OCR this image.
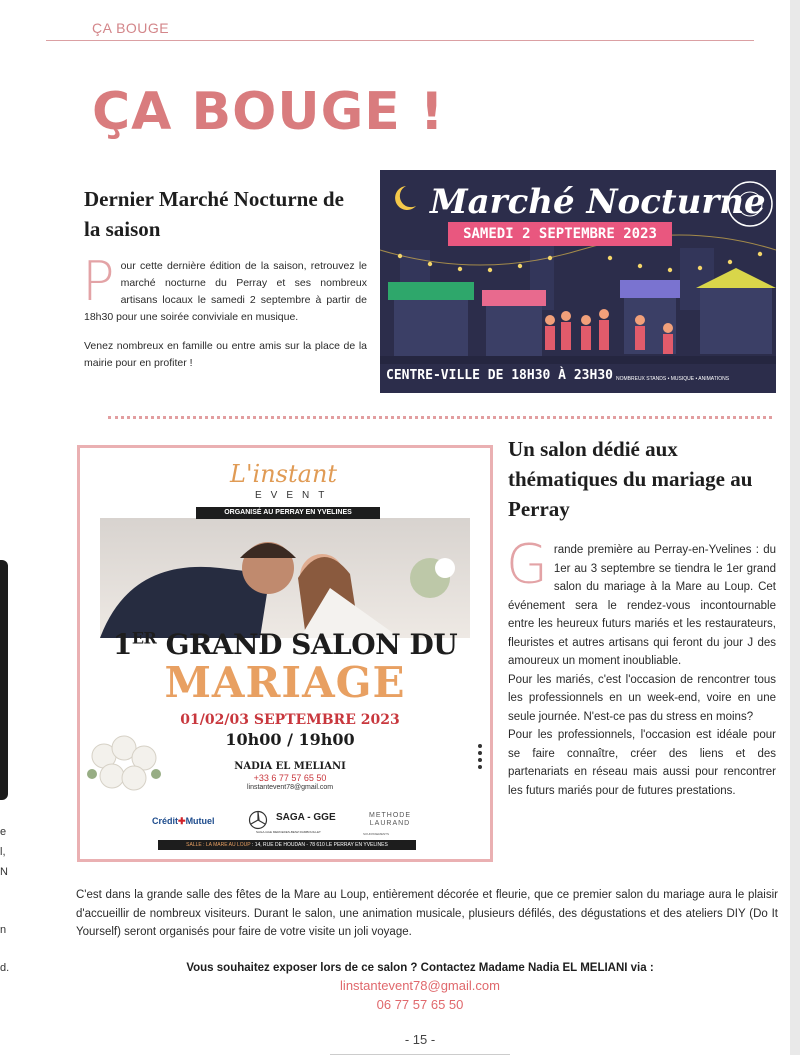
e
l,
N
n
d.
ÇA BOUGE
ÇA BOUGE !
Dernier Marché Nocturne de la saison

Pour cette dernière édition de la saison, retrouvez le marché nocturne du Perray et ses nombreux artisans locaux le samedi 2 septembre à partir de 18h30 pour une soirée conviviale en musique.

Venez nombreux en famille ou entre amis sur la place de la mairie pour en profiter !

Marché Nocturne
SAMEDI 2 SEPTEMBRE 2023
CENTRE-VILLE DE 18H30 À 23H30 NOMBREUX STANDS • MUSIQUE • ANIMATIONS
L'instant
EVENT
ORGANISÉ AU PERRAY EN YVELINES
1ER GRAND SALON DU
MARIAGE
01/02/03 SEPTEMBRE 2023
10h00 / 19h00
NADIA EL MELIANI
+33 6 77 57 65 50
linstantevent78@gmail.com
Crédit✚Mutuel	SAGA - GGE
SAGA-GGE MERCEDES-BENZ RAMBOUILLET
METHODE LAURAND
SOUDISSEMENTS
SALLE : LA MARE AU LOUP : 14, RUE DE HOUDAN - 78 610 LE PERRAY EN YVELINES
Un salon dédié aux thématiques du mariage au Perray

Grande première au Perray-en-Yvelines : du 1er au 3 septembre se tiendra le 1er grand salon du mariage à la Mare au Loup. Cet événement sera le rendez-vous incontournable entre les heureux futurs mariés et les restaurateurs, fleuristes et autres artisans qui feront du jour J des amoureux un moment inoubliable.

Pour les mariés, c'est l'occasion de rencontrer tous les professionnels en un week-end, voire en une seule journée. N'est-ce pas du stress en moins?

Pour les professionnels, l'occasion est idéale pour se faire connaître, créer des liens et des partenariats en réseau mais aussi pour rencontrer les futurs mariés pour de futures prestations.

C'est dans la grande salle des fêtes de la Mare au Loup, entièrement décorée et fleurie, que ce premier salon du mariage aura le plaisir d'accueillir de nombreux visiteurs. Durant le salon, une animation musicale, plusieurs défilés, des dégustations et des ateliers DIY (Do It Yourself) seront organisés pour faire de votre visite un joli voyage.

Vous souhaitez exposer lors de ce salon ? Contactez Madame Nadia EL MELIANI via :
linstantevent78@gmail.com
06 77 57 65 50
- 15 -
